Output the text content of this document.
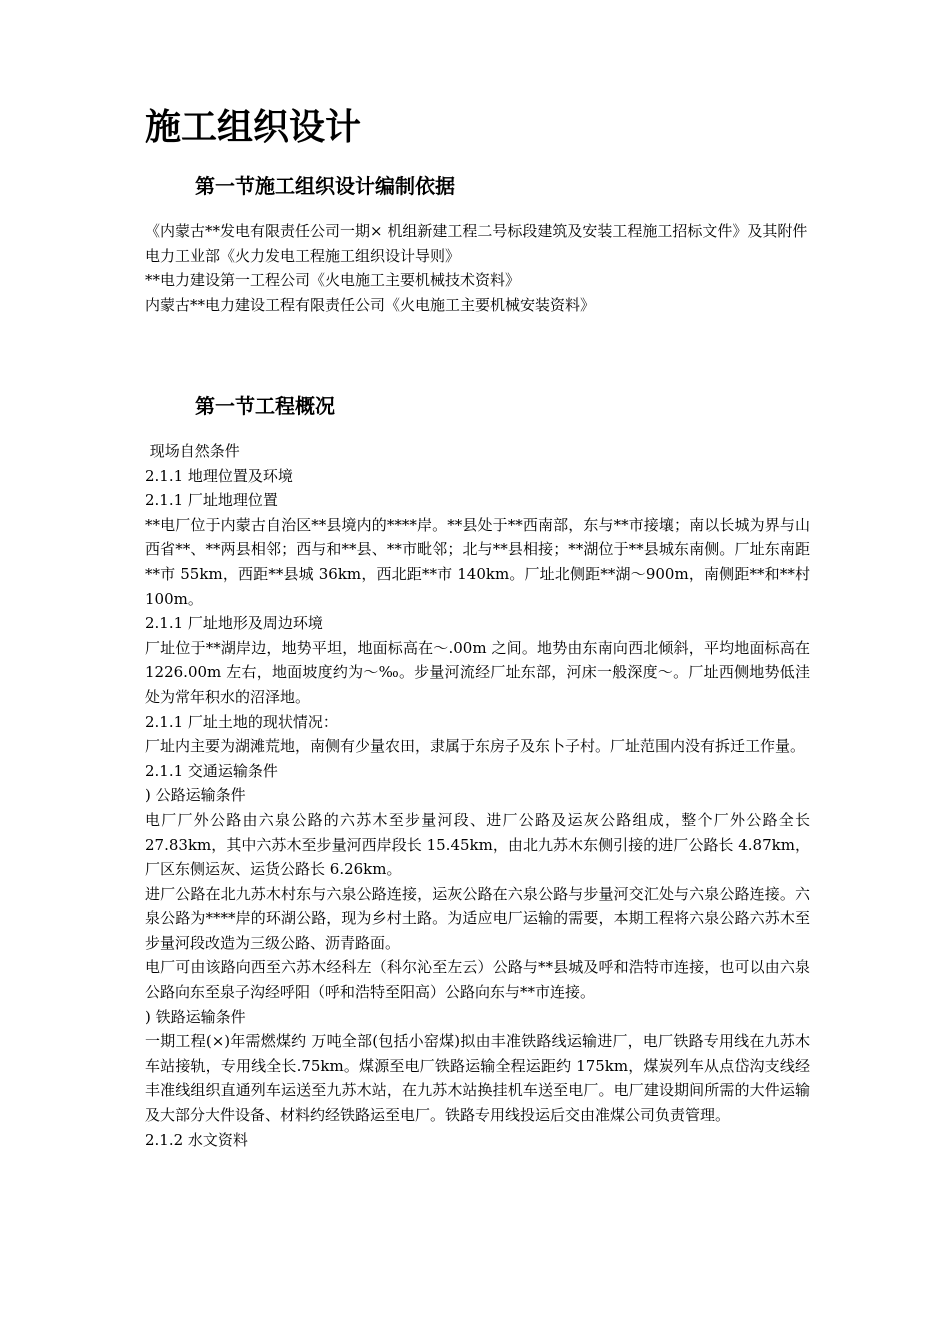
施工组织设计
第一节施工组织设计编制依据

《内蒙古**发电有限责任公司一期× 机组新建工程二号标段建筑及安装工程施工招标文件》及其附件

电力工业部《火力发电工程施工组织设计导则》

**电力建设第一工程公司《火电施工主要机械技术资料》

内蒙古**电力建设工程有限责任公司《火电施工主要机械安装资料》

第一节工程概况

现场自然条件

2.1.1 地理位置及环境

2.1.1 厂址地理位置

**电厂位于内蒙古自治区**县境内的****岸。**县处于**西南部，东与**市接壤；南以长城为界与山西省**、**两县相邻；西与和**县、**市毗邻；北与**县相接；**湖位于**县城东南侧。厂址东南距**市 55km，西距**县城 36km，西北距**市 140km。厂址北侧距**湖～900m，南侧距**和**村 100m。

2.1.1 厂址地形及周边环境

厂址位于**湖岸边，地势平坦，地面标高在～.00m 之间。地势由东南向西北倾斜，平均地面标高在 1226.00m 左右，地面坡度约为～‰。步量河流经厂址东部，河床一般深度～。厂址西侧地势低洼处为常年积水的沼泽地。

2.1.1 厂址土地的现状情况：

厂址内主要为湖滩荒地，南侧有少量农田，隶属于东房子及东卜子村。厂址范围内没有拆迁工作量。

2.1.1 交通运输条件

) 公路运输条件

电厂厂外公路由六泉公路的六苏木至步量河段、进厂公路及运灰公路组成，整个厂外公路全长 27.83km，其中六苏木至步量河西岸段长 15.45km，由北九苏木东侧引接的进厂公路长 4.87km，厂区东侧运灰、运货公路长 6.26km。

进厂公路在北九苏木村东与六泉公路连接，运灰公路在六泉公路与步量河交汇处与六泉公路连接。六泉公路为****岸的环湖公路，现为乡村土路。为适应电厂运输的需要，本期工程将六泉公路六苏木至步量河段改造为三级公路、沥青路面。

电厂可由该路向西至六苏木经科左（科尔沁至左云）公路与**县城及呼和浩特市连接，也可以由六泉公路向东至泉子沟经呼阳（呼和浩特至阳高）公路向东与**市连接。

) 铁路运输条件

一期工程(×)年需燃煤约 万吨全部(包括小窑煤)拟由丰准铁路线运输进厂，电厂铁路专用线在九苏木车站接轨，专用线全长.75km。煤源至电厂铁路运输全程运距约 175km，煤炭列车从点岱沟支线经丰准线组织直通列车运送至九苏木站，在九苏木站换挂机车送至电厂。电厂建设期间所需的大件运输及大部分大件设备、材料约经铁路运至电厂。铁路专用线投运后交由准煤公司负责管理。

2.1.2 水文资料
